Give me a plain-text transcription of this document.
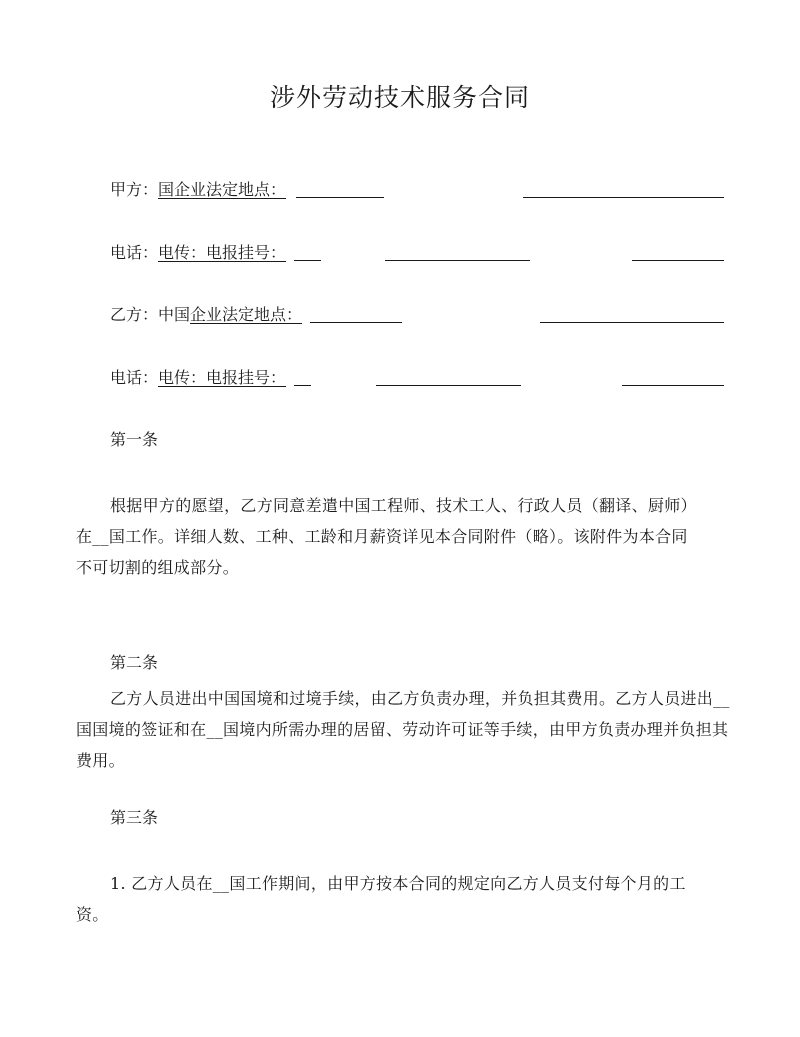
涉外劳动技术服务合同
甲方：国企业法定地点：
电话：电传：电报挂号：
乙方：中国企业法定地点：
电话：电传：电报挂号：
第一条
根据甲方的愿望，乙方同意差遣中国工程师、技术工人、行政人员（翻译、厨师）在__国工作。详细人数、工种、工龄和月薪资详见本合同附件（略）。该附件为本合同不可切割的组成部分。
第二条
乙方人员进出中国国境和过境手续，由乙方负责办理，并负担其费用。乙方人员进出__国国境的签证和在__国境内所需办理的居留、劳动许可证等手续，由甲方负责办理并负担其费用。
第三条
1. 乙方人员在__国工作期间，由甲方按本合同的规定向乙方人员支付每个月的工资。
